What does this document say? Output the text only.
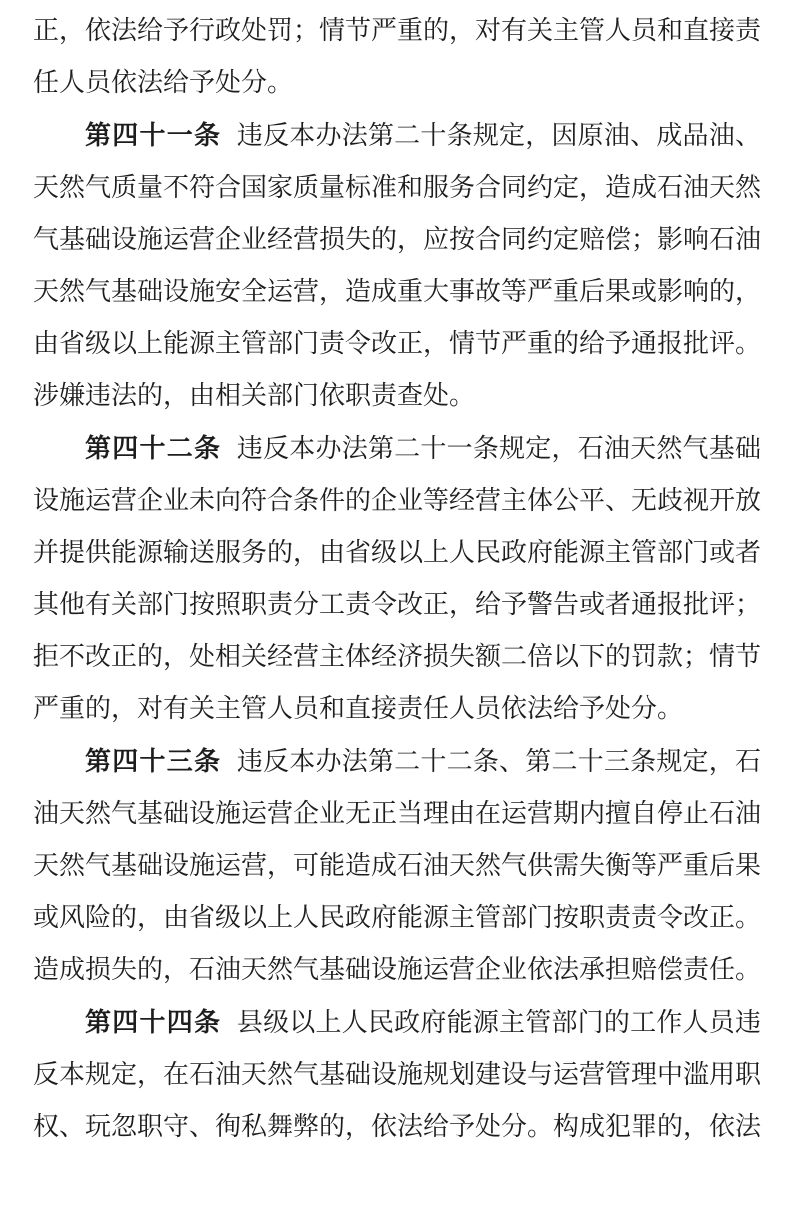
正，依法给予行政处罚；情节严重的，对有关主管人员和直接责任人员依法给予处分。

第四十一条 违反本办法第二十条规定，因原油、成品油、天然气质量不符合国家质量标准和服务合同约定，造成石油天然气基础设施运营企业经营损失的，应按合同约定赔偿；影响石油天然气基础设施安全运营，造成重大事故等严重后果或影响的，由省级以上能源主管部门责令改正，情节严重的给予通报批评。涉嫌违法的，由相关部门依职责查处。

第四十二条 违反本办法第二十一条规定，石油天然气基础设施运营企业未向符合条件的企业等经营主体公平、无歧视开放并提供能源输送服务的，由省级以上人民政府能源主管部门或者其他有关部门按照职责分工责令改正，给予警告或者通报批评；拒不改正的，处相关经营主体经济损失额二倍以下的罚款；情节严重的，对有关主管人员和直接责任人员依法给予处分。

第四十三条 违反本办法第二十二条、第二十三条规定，石油天然气基础设施运营企业无正当理由在运营期内擅自停止石油天然气基础设施运营，可能造成石油天然气供需失衡等严重后果或风险的，由省级以上人民政府能源主管部门按职责责令改正。造成损失的，石油天然气基础设施运营企业依法承担赔偿责任。

第四十四条 县级以上人民政府能源主管部门的工作人员违反本规定，在石油天然气基础设施规划建设与运营管理中滥用职权、玩忽职守、徇私舞弊的，依法给予处分。构成犯罪的，依法
